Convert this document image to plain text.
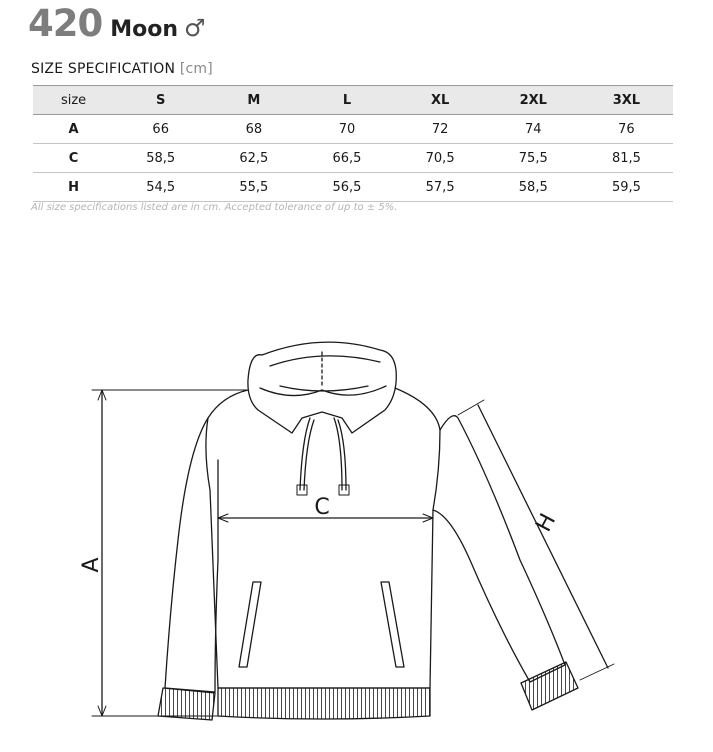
420 Moon ♂
SIZE SPECIFICATION [cm]
size	S	M	L	XL	2XL	3XL
A	66	68	70	72	74	76
C	58,5	62,5	66,5	70,5	75,5	81,5
H	54,5	55,5	56,5	57,5	58,5	59,5
All size specifications listed are in cm. Accepted tolerance of up to ± 5%.
A
C
H
